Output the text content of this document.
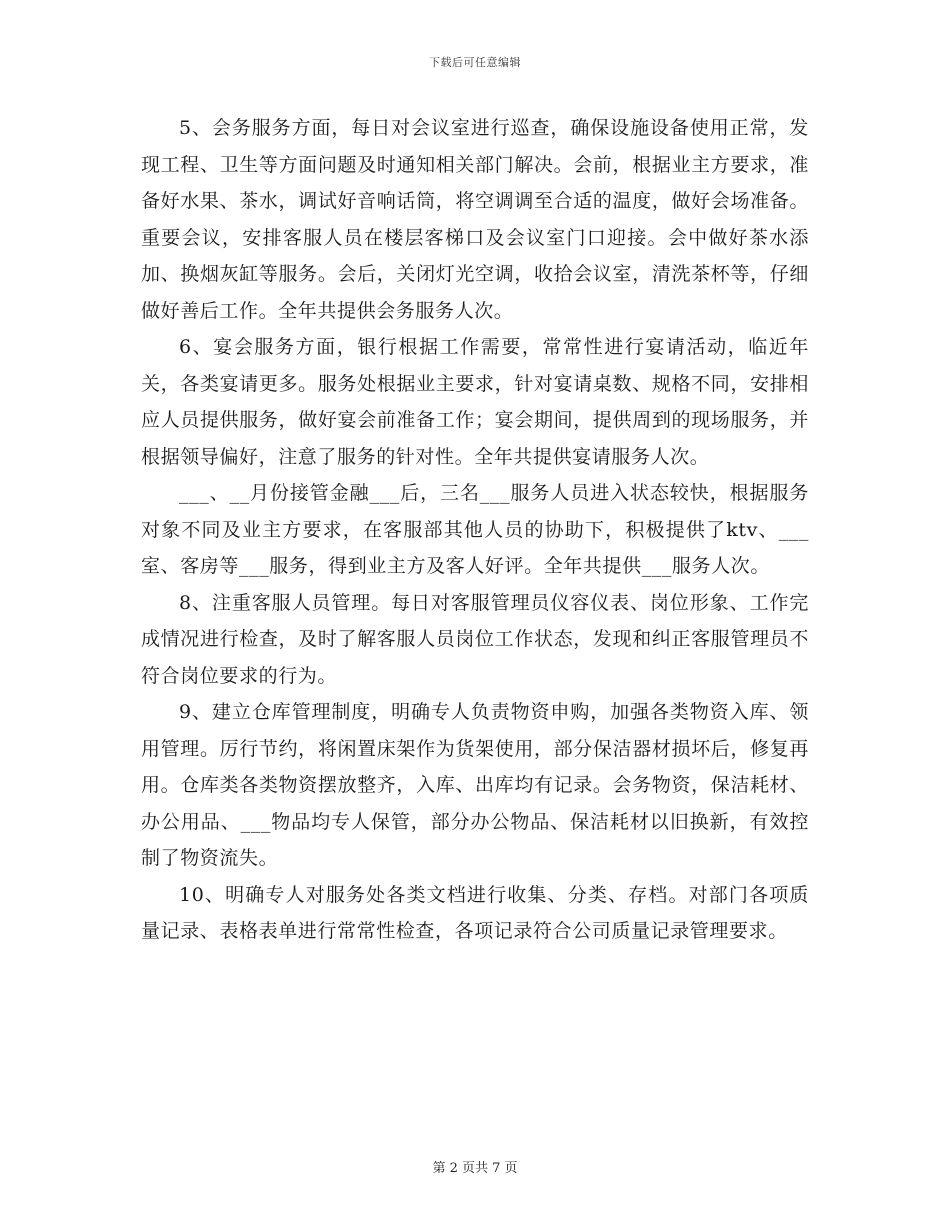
下载后可任意编辑

5、会务服务方面，每日对会议室进行巡查，确保设施设备使用正常，发现工程、卫生等方面问题及时通知相关部门解决。会前，根据业主方要求，准备好水果、茶水，调试好音响话筒，将空调调至合适的温度，做好会场准备。重要会议，安排客服人员在楼层客梯口及会议室门口迎接。会中做好茶水添加、换烟灰缸等服务。会后，关闭灯光空调，收拾会议室，清洗茶杯等，仔细做好善后工作。全年共提供会务服务人次。

6、宴会服务方面，银行根据工作需要，常常性进行宴请活动，临近年关，各类宴请更多。服务处根据业主要求，针对宴请桌数、规格不同，安排相应人员提供服务，做好宴会前准备工作；宴会期间，提供周到的现场服务，并根据领导偏好，注意了服务的针对性。全年共提供宴请服务人次。

___、__月份接管金融___后，三名___服务人员进入状态较快，根据服务对象不同及业主方要求，在客服部其他人员的协助下，积极提供了ktv、___室、客房等___服务，得到业主方及客人好评。全年共提供___服务人次。

8、注重客服人员管理。每日对客服管理员仪容仪表、岗位形象、工作完成情况进行检查，及时了解客服人员岗位工作状态，发现和纠正客服管理员不符合岗位要求的行为。

9、建立仓库管理制度，明确专人负责物资申购，加强各类物资入库、领用管理。厉行节约，将闲置床架作为货架使用，部分保洁器材损坏后，修复再用。仓库类各类物资摆放整齐，入库、出库均有记录。会务物资，保洁耗材、办公用品、___物品均专人保管，部分办公物品、保洁耗材以旧换新，有效控制了物资流失。

10、明确专人对服务处各类文档进行收集、分类、存档。对部门各项质量记录、表格表单进行常常性检查，各项记录符合公司质量记录管理要求。

第 2 页共 7 页
